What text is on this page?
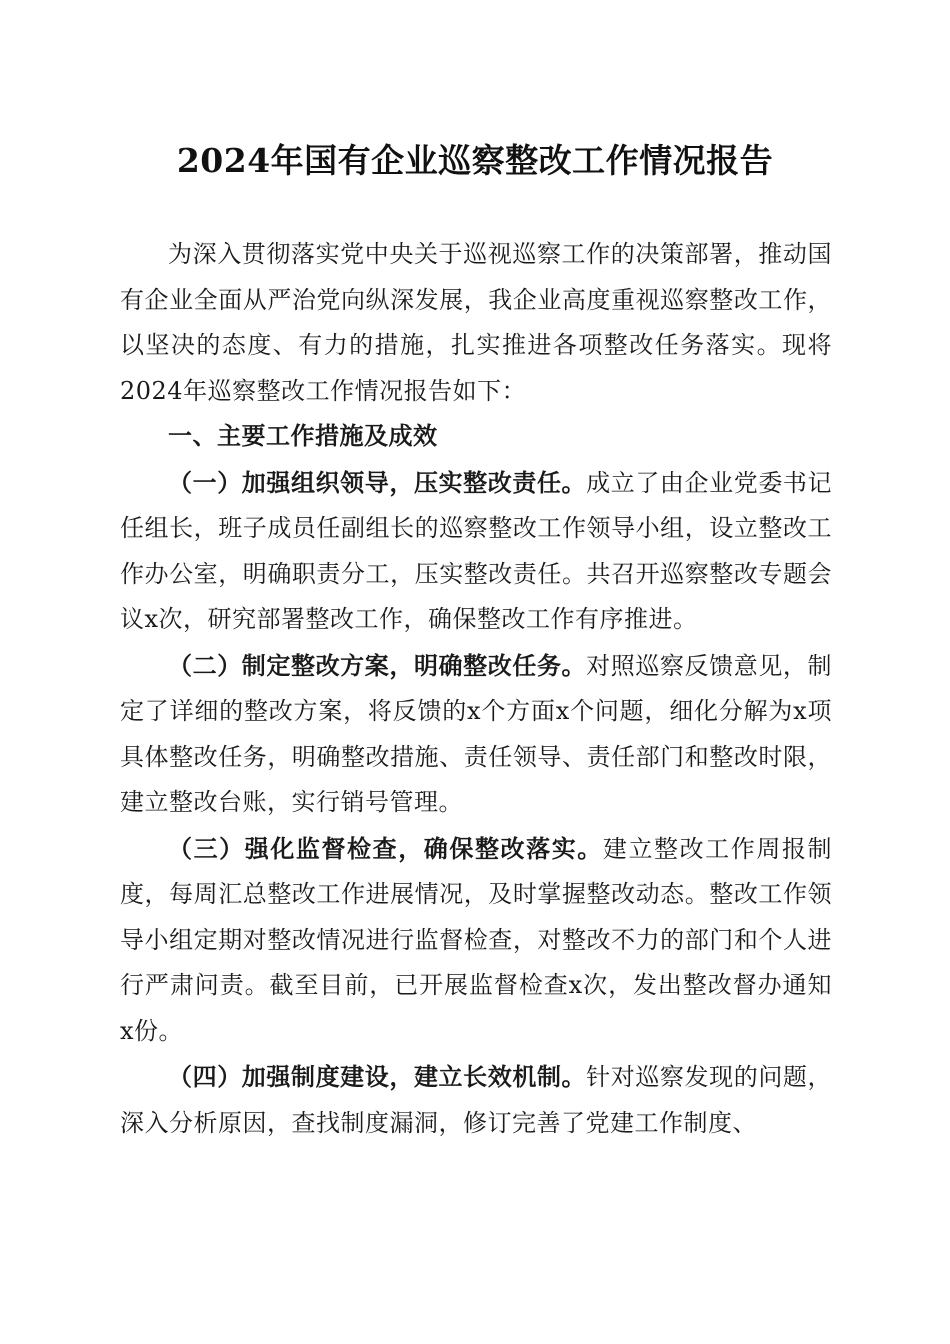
2024年国有企业巡察整改工作情况报告

为深入贯彻落实党中央关于巡视巡察工作的决策部署，推动国有企业全面从严治党向纵深发展，我企业高度重视巡察整改工作，以坚决的态度、有力的措施，扎实推进各项整改任务落实。现将2024年巡察整改工作情况报告如下：

一、主要工作措施及成效

（一）加强组织领导，压实整改责任。成立了由企业党委书记任组长，班子成员任副组长的巡察整改工作领导小组，设立整改工作办公室，明确职责分工，压实整改责任。共召开巡察整改专题会议x次，研究部署整改工作，确保整改工作有序推进。

（二）制定整改方案，明确整改任务。对照巡察反馈意见，制定了详细的整改方案，将反馈的x个方面x个问题，细化分解为x项具体整改任务，明确整改措施、责任领导、责任部门和整改时限，建立整改台账，实行销号管理。

（三）强化监督检查，确保整改落实。建立整改工作周报制度，每周汇总整改工作进展情况，及时掌握整改动态。整改工作领导小组定期对整改情况进行监督检查，对整改不力的部门和个人进行严肃问责。截至目前，已开展监督检查x次，发出整改督办通知x份。

（四）加强制度建设，建立长效机制。针对巡察发现的问题，深入分析原因，查找制度漏洞，修订完善了党建工作制度、
